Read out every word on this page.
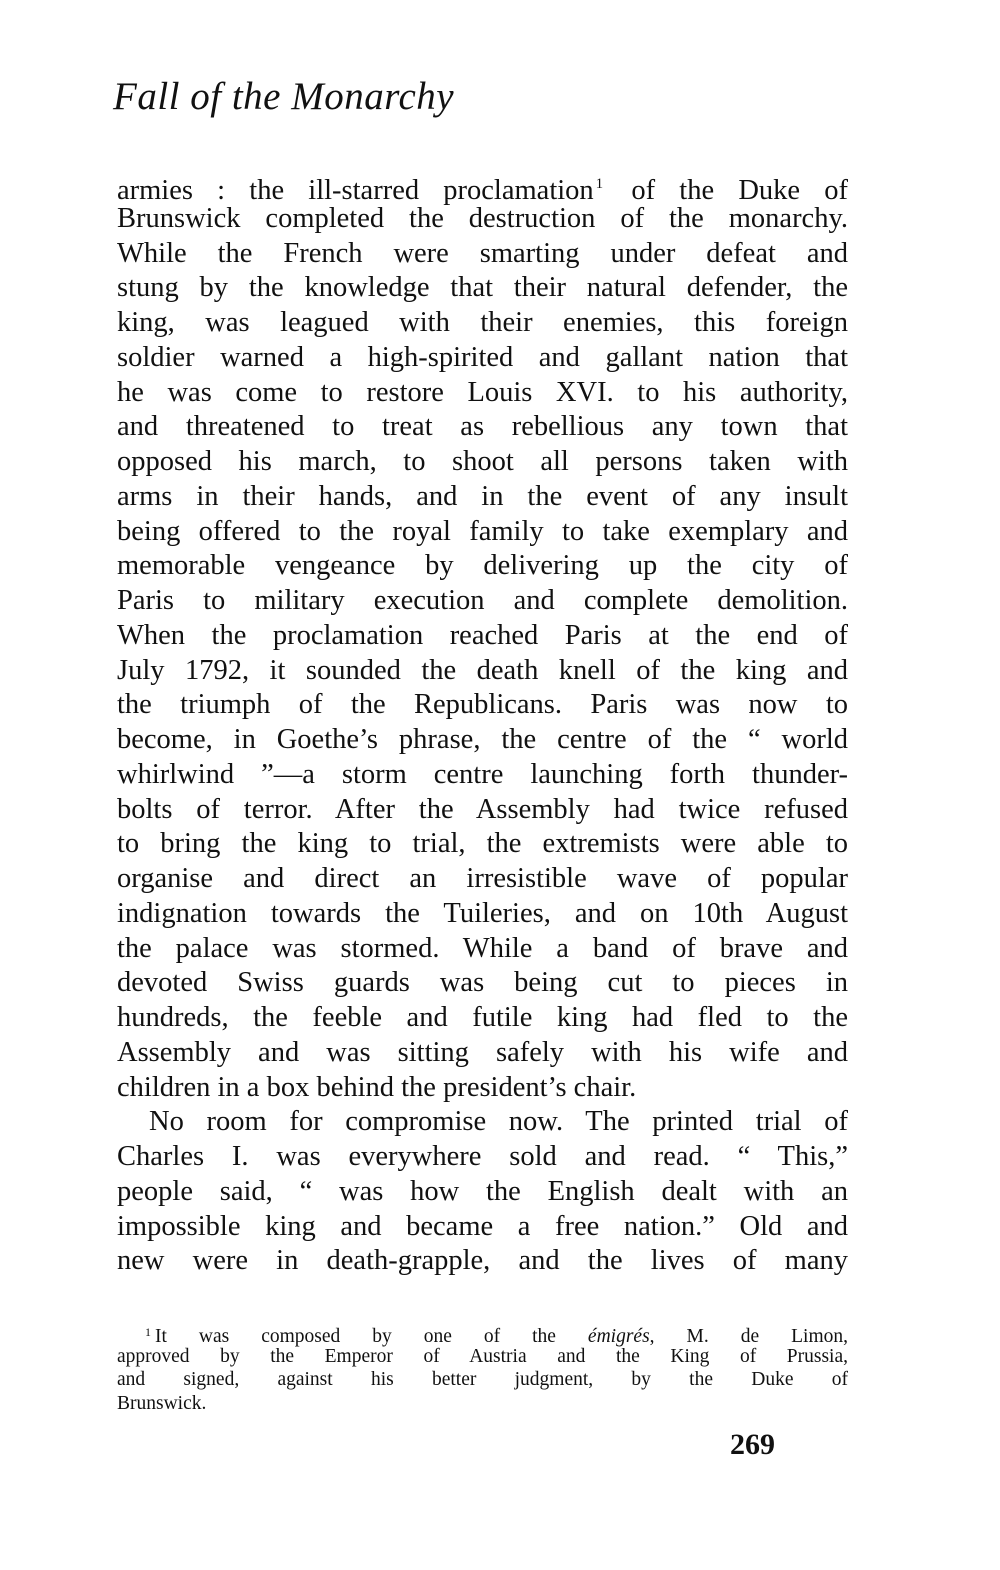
Fall of the Monarchy
armies : the ill-starred proclamation $^1$ of the Duke of
Brunswick completed the destruction of the monarchy.
While the French were smarting under defeat and
stung by the knowledge that their natural defender, the
king, was leagued with their enemies, this foreign
soldier warned a high-spirited and gallant nation that
he was come to restore Louis XVI. to his authority,
and threatened to treat as rebellious any town that
opposed his march, to shoot all persons taken with
arms in their hands, and in the event of any insult
being offered to the royal family to take exemplary and
memorable vengeance by delivering up the city of
Paris to military execution and complete demolition.
When the proclamation reached Paris at the end of
July 1792, it sounded the death knell of the king and
the triumph of the Republicans. Paris was now to
become, in Goethe’s phrase, the centre of the “ world
whirlwind ”—a storm centre launching forth thunder-
bolts of terror. After the Assembly had twice refused
to bring the king to trial, the extremists were able to
organise and direct an irresistible wave of popular
indignation towards the Tuileries, and on 10th August
the palace was stormed. While a band of brave and
devoted Swiss guards was being cut to pieces in
hundreds, the feeble and futile king had fled to the
Assembly and was sitting safely with his wife and
children in a box behind the president’s chair.
No room for compromise now. The printed trial of
Charles I. was everywhere sold and read. “ This,”
people said, “ was how the English dealt with an
impossible king and became a free nation.” Old and
new were in death-grapple, and the lives of many
$^1$ It was composed by one of the émigrés, M. de Limon,
approved by the Emperor of Austria and the King of Prussia,
and signed, against his better judgment, by the Duke of
Brunswick.
269
